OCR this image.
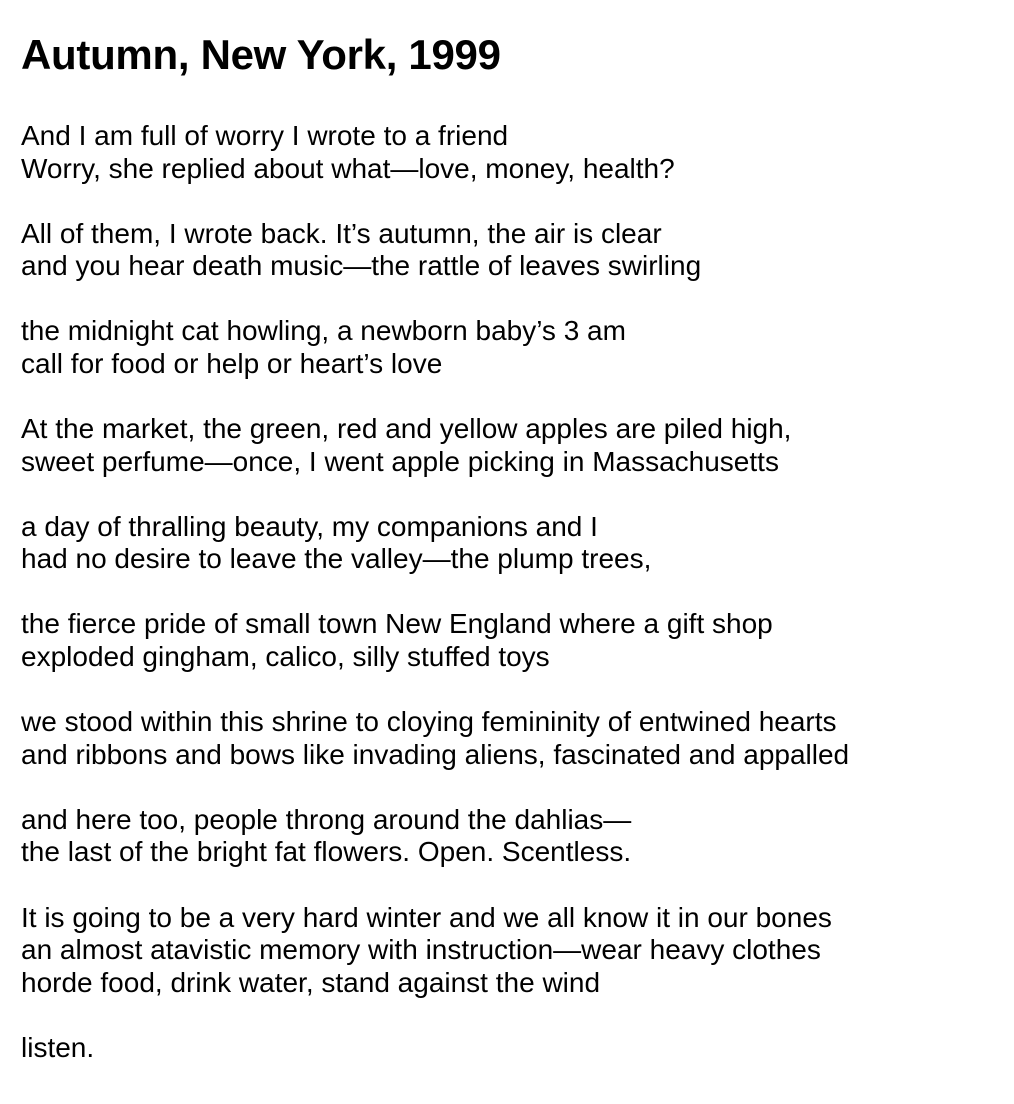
Autumn, New York, 1999

And I am full of worry I wrote to a friend
Worry, she replied about what—love, money, health?

All of them, I wrote back. It’s autumn, the air is clear
and you hear death music—the rattle of leaves swirling

the midnight cat howling, a newborn baby’s 3 am
call for food or help or heart’s love

At the market, the green, red and yellow apples are piled high,
sweet perfume—once, I went apple picking in Massachusetts

a day of thralling beauty, my companions and I
had no desire to leave the valley—the plump trees,

the fierce pride of small town New England where a gift shop
exploded gingham, calico, silly stuffed toys

we stood within this shrine to cloying femininity of entwined hearts
and ribbons and bows like invading aliens, fascinated and appalled

and here too, people throng around the dahlias—
the last of the bright fat flowers. Open. Scentless.

It is going to be a very hard winter and we all know it in our bones
an almost atavistic memory with instruction—wear heavy clothes
horde food, drink water, stand against the wind

listen.
